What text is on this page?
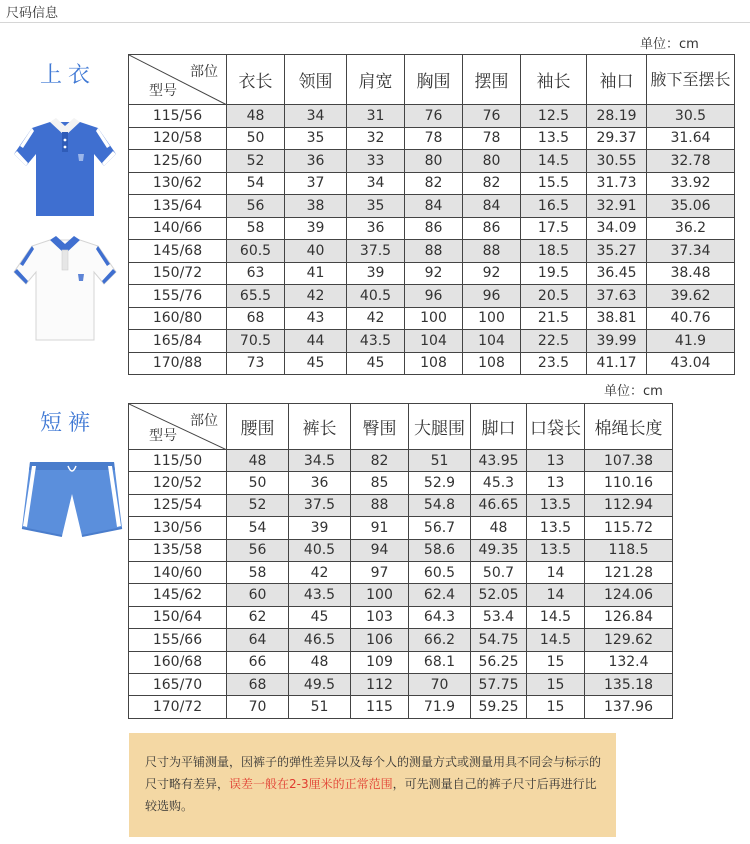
尺码信息
上衣
单位：cm
部位
型号	衣长	领围	肩宽	胸围	摆围	袖长	袖口	腋下至摆长
115/56	48	34	31	76	76	12.5	28.19	30.5
120/58	50	35	32	78	78	13.5	29.37	31.64
125/60	52	36	33	80	80	14.5	30.55	32.78
130/62	54	37	34	82	82	15.5	31.73	33.92
135/64	56	38	35	84	84	16.5	32.91	35.06
140/66	58	39	36	86	86	17.5	34.09	36.2
145/68	60.5	40	37.5	88	88	18.5	35.27	37.34
150/72	63	41	39	92	92	19.5	36.45	38.48
155/76	65.5	42	40.5	96	96	20.5	37.63	39.62
160/80	68	43	42	100	100	21.5	38.81	40.76
165/84	70.5	44	43.5	104	104	22.5	39.99	41.9
170/88	73	45	45	108	108	23.5	41.17	43.04
单位：cm
短裤	部位
型号	腰围	裤长	臀围	大腿围	脚口	口袋长	棉绳长度
115/50	48	34.5	82	51	43.95	13	107.38
120/52	50	36	85	52.9	45.3	13	110.16
125/54	52	37.5	88	54.8	46.65	13.5	112.94
130/56	54	39	91	56.7	48	13.5	115.72
135/58	56	40.5	94	58.6	49.35	13.5	118.5
140/60	58	42	97	60.5	50.7	14	121.28
145/62	60	43.5	100	62.4	52.05	14	124.06
150/64	62	45	103	64.3	53.4	14.5	126.84
155/66	64	46.5	106	66.2	54.75	14.5	129.62
160/68	66	48	109	68.1	56.25	15	132.4
165/70	68	49.5	112	70	57.75	15	135.18
170/72	70	51	115	71.9	59.25	15	137.96
尺寸为平铺测量，因裤子的弹性差异以及每个人的测量方式或测量用具不同会与标示的尺寸略有差异，误差一般在2-3厘米的正常范围，可先测量自己的裤子尺寸后再进行比较选购。
